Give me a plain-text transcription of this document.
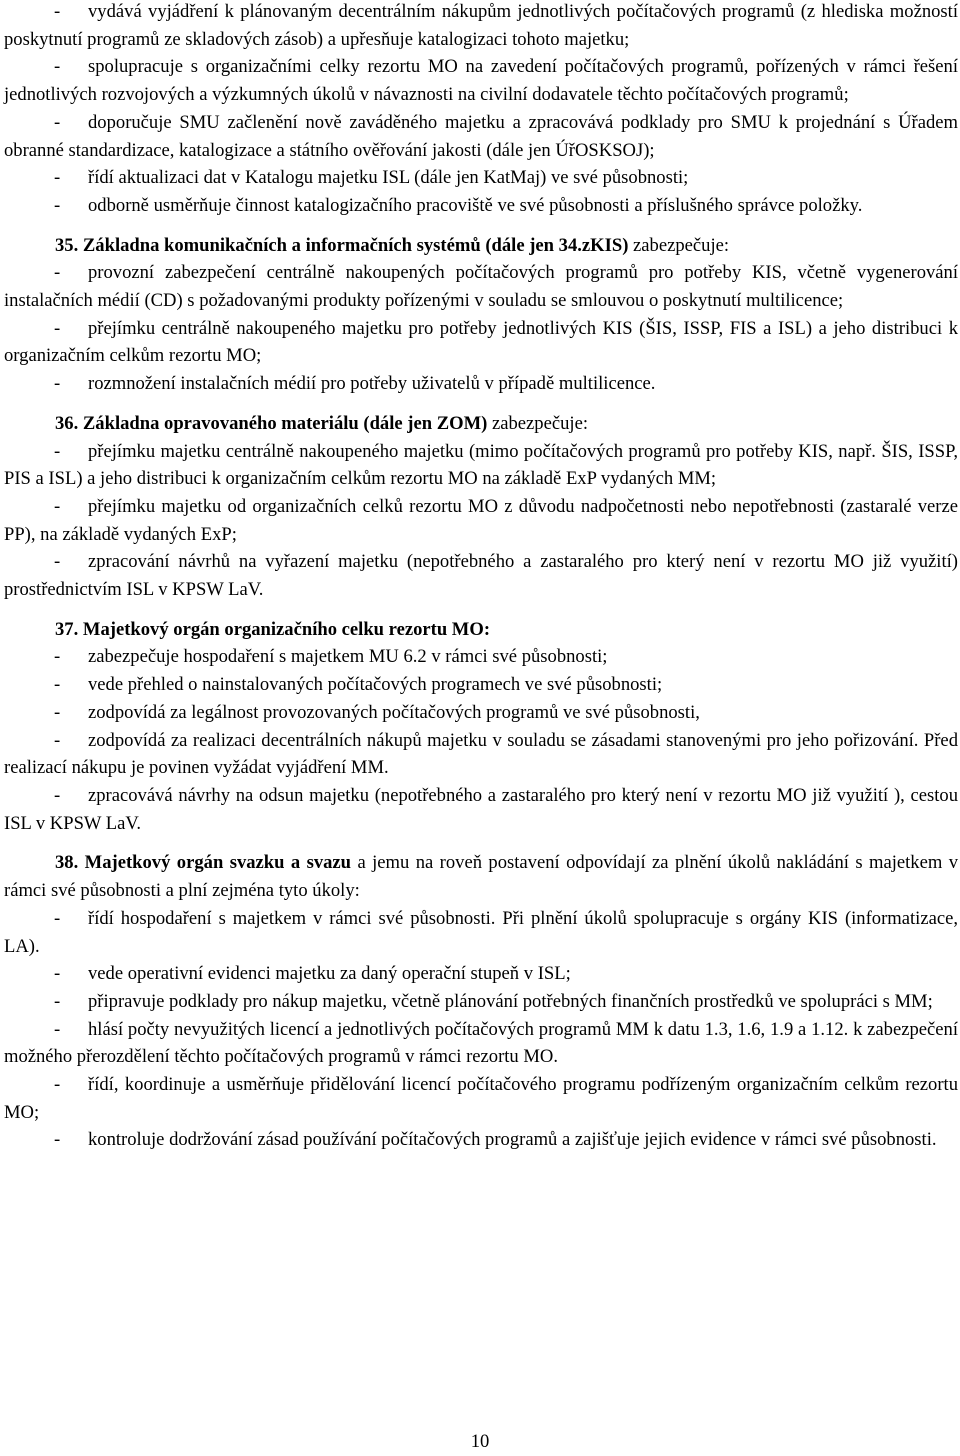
- vydává vyjádření k plánovaným decentrálním nákupům jednotlivých počítačových programů (z hlediska možností poskytnutí programů ze skladových zásob) a upřesňuje katalogizaci tohoto majetku;

- spolupracuje s organizačními celky rezortu MO na zavedení počítačových programů, pořízených v rámci řešení jednotlivých rozvojových a výzkumných úkolů v návaznosti na civilní dodavatele těchto počítačových programů;

- doporučuje SMU začlenění nově zaváděného majetku a zpracovává podklady pro SMU k projednání s Úřadem obranné standardizace, katalogizace a státního ověřování jakosti (dále jen ÚřOSKSOJ);

- řídí aktualizaci dat v Katalogu majetku ISL (dále jen KatMaj) ve své působnosti;

- odborně usměrňuje činnost katalogizačního pracoviště ve své působnosti a příslušného správce položky.

35. Základna komunikačních a informačních systémů (dále jen 34.zKIS) zabezpečuje:

- provozní zabezpečení centrálně nakoupených počítačových programů pro potřeby KIS, včetně vygenerování instalačních médií (CD) s požadovanými produkty pořízenými v souladu se smlouvou o poskytnutí multilicence;

- přejímku centrálně nakoupeného majetku pro potřeby jednotlivých KIS (ŠIS, ISSP, FIS a ISL) a jeho distribuci k organizačním celkům rezortu MO;

- rozmnožení instalačních médií pro potřeby uživatelů v případě multilicence.

36. Základna opravovaného materiálu (dále jen ZOM) zabezpečuje:

- přejímku majetku centrálně nakoupeného majetku (mimo počítačových programů pro potřeby KIS, např. ŠIS, ISSP, PIS a ISL) a jeho distribuci k organizačním celkům rezortu MO na základě ExP vydaných MM;

- přejímku majetku od organizačních celků rezortu MO z důvodu nadpočetnosti nebo nepotřebnosti (zastaralé verze PP), na základě vydaných ExP;

- zpracování návrhů na vyřazení majetku (nepotřebného a zastaralého pro který není v rezortu MO již využití) prostřednictvím ISL v KPSW LaV.

37. Majetkový orgán organizačního celku rezortu MO:

- zabezpečuje hospodaření s majetkem MU 6.2 v rámci své působnosti;

- vede přehled o nainstalovaných počítačových programech ve své působnosti;

- zodpovídá za legálnost provozovaných počítačových programů ve své působnosti,

- zodpovídá za realizaci decentrálních nákupů majetku v souladu se zásadami stanovenými pro jeho pořizování. Před realizací nákupu je povinen vyžádat vyjádření MM.

- zpracovává návrhy na odsun majetku (nepotřebného a zastaralého pro který není v rezortu MO již využití ), cestou ISL v KPSW LaV.

38. Majetkový orgán svazku a svazu a jemu na roveň postavení odpovídají za plnění úkolů nakládání s majetkem v rámci své působnosti a plní zejména tyto úkoly:

- řídí hospodaření s majetkem v rámci své působnosti. Při plnění úkolů spolupracuje s orgány KIS (informatizace, LA).

- vede operativní evidenci majetku za daný operační stupeň v ISL;

- připravuje podklady pro nákup majetku, včetně plánování potřebných finančních prostředků ve spolupráci s MM;

- hlásí počty nevyužitých licencí a jednotlivých počítačových programů MM k datu 1.3, 1.6, 1.9 a 1.12. k zabezpečení možného přerozdělení těchto počítačových programů v rámci rezortu MO.

- řídí, koordinuje a usměrňuje přidělování licencí počítačového programu podřízeným organizačním celkům rezortu MO;

- kontroluje dodržování zásad používání počítačových programů a zajišťuje jejich evidence v rámci své působnosti.

10
